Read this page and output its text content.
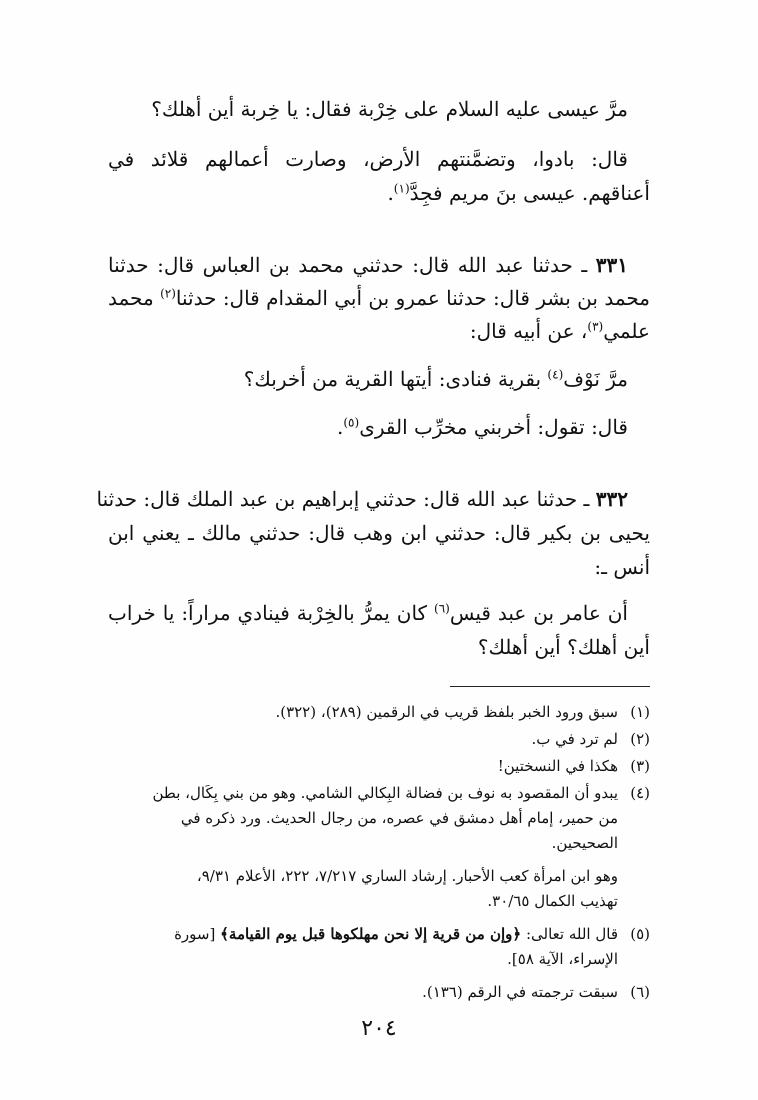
مرَّ عيسى عليه السلام على خِرْبة فقال: يا خِربة أين أهلك؟
قال: بادوا، وتضمَّنتهم الأرض، وصارت أعمالهم قلائد في
أعناقهم. عيسى بنَ مريم فجِدَّ$^{(١)}$.
٣٣١ ـ حدثنا عبد الله قال: حدثني محمد بن العباس قال: حدثنا
محمد بن بشر قال: حدثنا عمرو بن أبي المقدام قال: حدثنا$^{(٢)}$ محمد
علمي$^{(٣)}$، عن أبيه قال:
مرَّ نَوْف$^{(٤)}$ بقرية فنادى: أيتها القرية من أخربك؟
قال: تقول: أخربني مخرِّب القرى$^{(٥)}$.
٣٣٢ ـ حدثنا عبد الله قال: حدثني إبراهيم بن عبد الملك قال: حدثنا
يحيى بن بكير قال: حدثني ابن وهب قال: حدثني مالك ـ يعني ابن
أنس ـ:
أن عامر بن عبد قيس$^{(٦)}$ كان يمرُّ بالخِرْبة فينادي مراراً: يا خراب
أين أهلك؟ أين أهلك؟
(١)سبق ورود الخبر بلفظ قريب في الرقمين (٢٨٩)، (٣٢٢).
(٢)لم ترد في ب.
(٣)هكذا في النسختين!
(٤)يبدو أن المقصود به نوف بن فضالة البِكالي الشامي. وهو من بني بِكَال، بطن
من حمير، إمام أهل دمشق في عصره، من رجال الحديث. ورد ذكره في
الصحيحين.
وهو ابن امرأة كعب الأحبار. إرشاد الساري ٧/٢١٧، ٢٢٢، الأعلام ٩/٣١،
تهذيب الكمال ٣٠/٦٥.
(٥)قال الله تعالى: ﴿وإن من قرية إلا نحن مهلكوها قبل يوم القيامة﴾ [سورة
الإسراء، الآية ٥٨].
(٦)سبقت ترجمته في الرقم (١٣٦).
٢٠٤
